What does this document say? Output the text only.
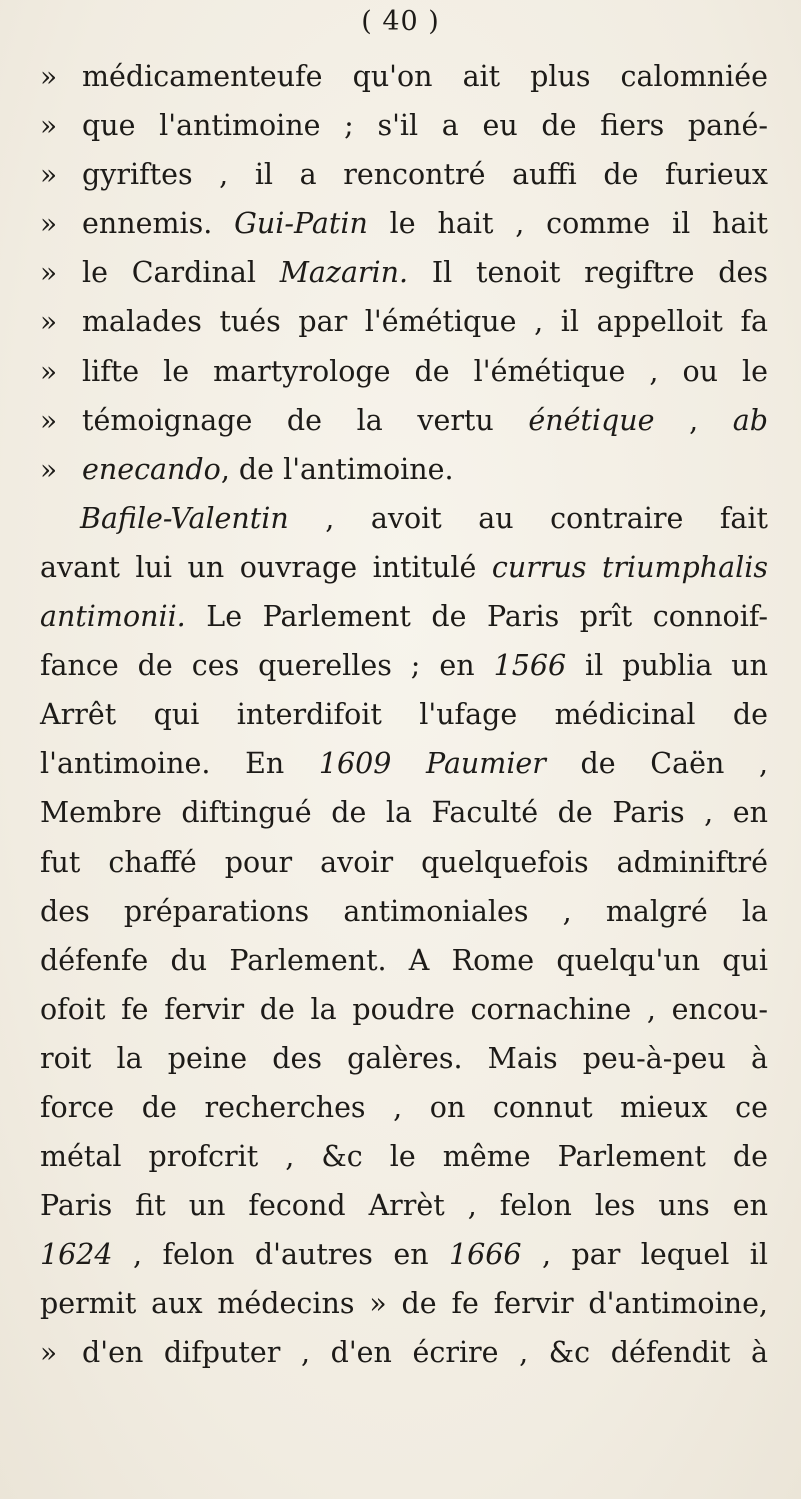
( 40 )
» médicamenteufe qu'on ait plus calomniée
» que l'antimoine ; s'il a eu de fiers pané-
» gyriftes , il a rencontré auffi de furieux
» ennemis. Gui-Patin le hait , comme il hait
» le Cardinal Mazarin. Il tenoit regiftre des
» malades tués par l'émétique , il appelloit fa
» lifte le martyrologe de l'émétique , ou le
» témoignage de la vertu énétique , ab
» enecando, de l'antimoine.
Bafile-Valentin , avoit au contraire fait
avant lui un ouvrage intitulé currus triumphalis
antimonii. Le Parlement de Paris prît connoif-
fance de ces querelles ; en 1566 il publia un
Arrêt qui interdifoit l'ufage médicinal de
l'antimoine. En 1609 Paumier de Caën ,
Membre diftingué de la Faculté de Paris , en
fut chaffé pour avoir quelquefois adminiftré
des préparations antimoniales , malgré la
défenfe du Parlement. A Rome quelqu'un qui
ofoit fe fervir de la poudre cornachine , encou-
roit la peine des galères. Mais peu-à-peu à
force de recherches , on connut mieux ce
métal profcrit , &c le même Parlement de
Paris fit un fecond Arrèt , felon les uns en
1624 , felon d'autres en 1666 , par lequel il
permit aux médecins » de fe fervir d'antimoine,
» d'en difputer , d'en écrire , &c défendit à
